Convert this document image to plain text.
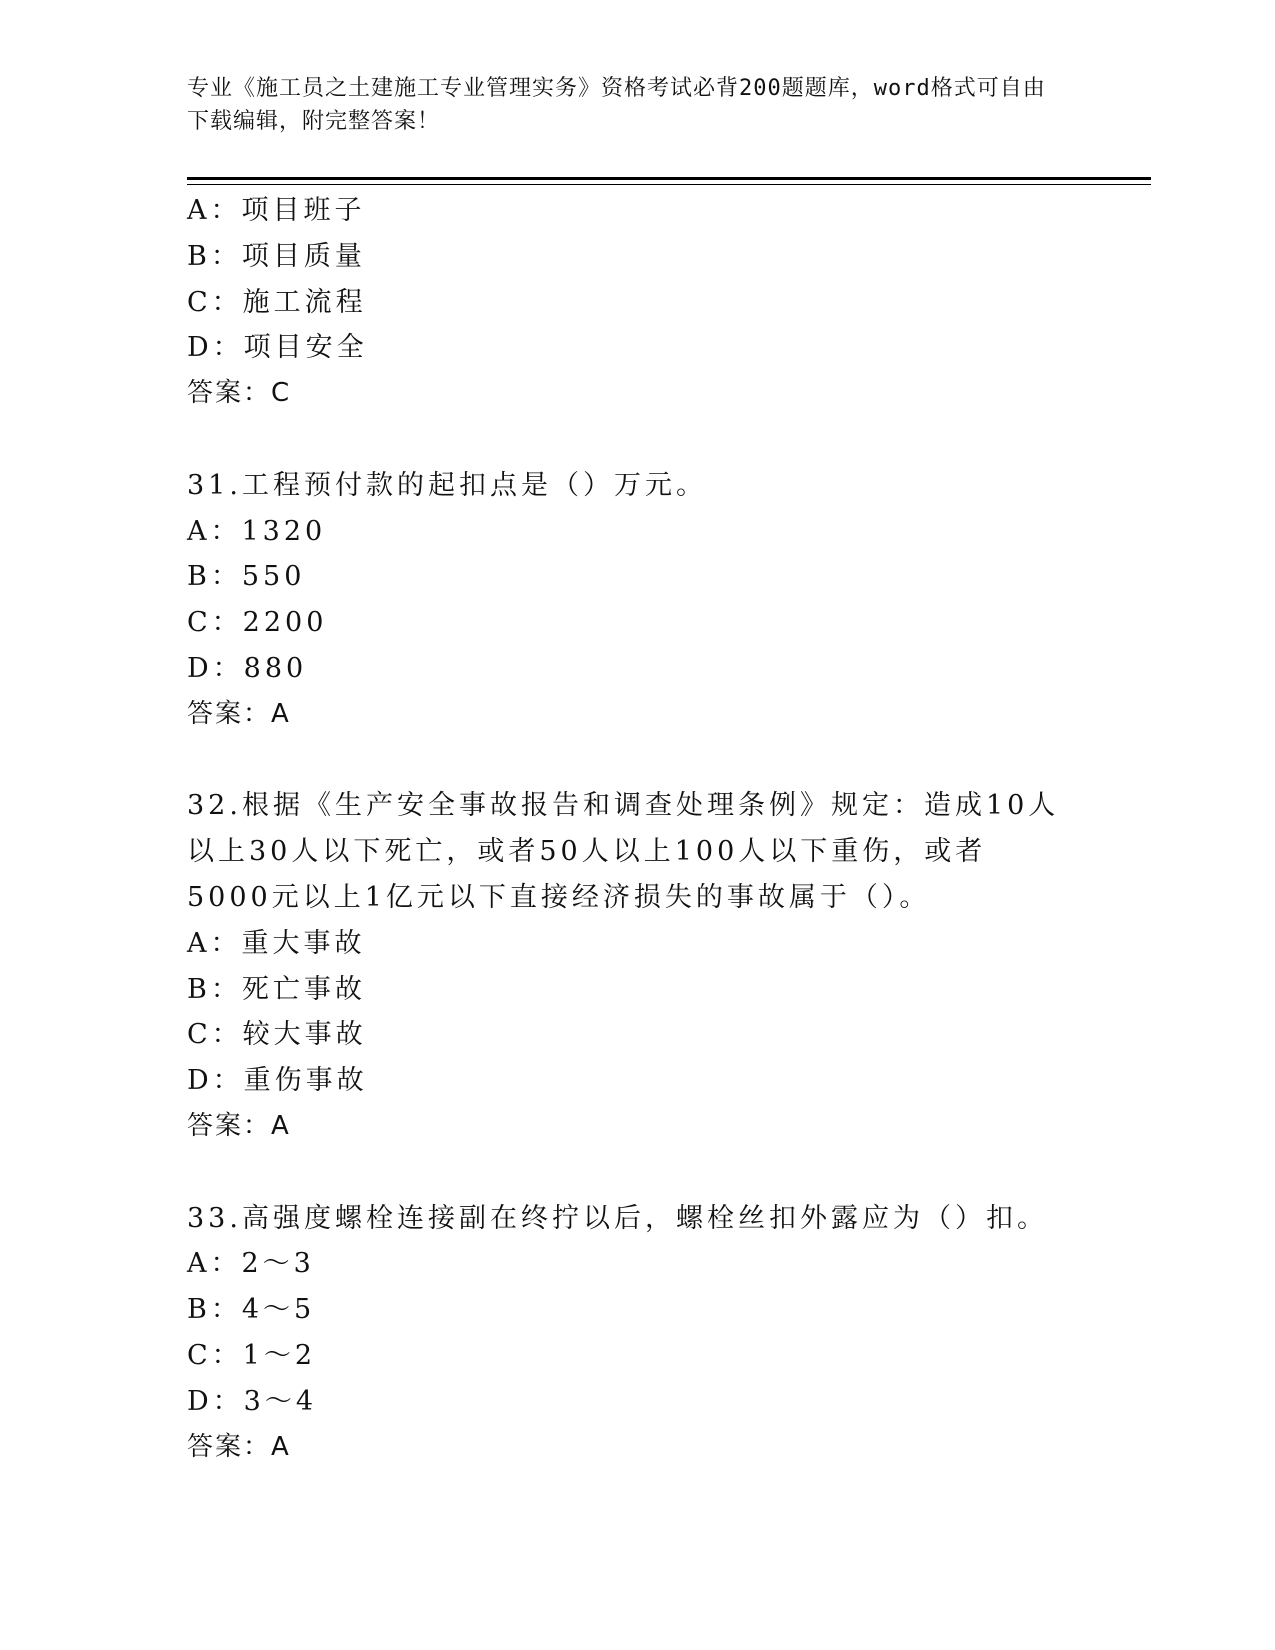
专业《施工员之土建施工专业管理实务》资格考试必背200题题库，word格式可自由下载编辑，附完整答案！
A：项目班子
B：项目质量
C：施工流程
D：项目安全
答案：C
31.工程预付款的起扣点是（）万元。
A：1320
B：550
C：2200
D：880
答案：A
32.根据《生产安全事故报告和调查处理条例》规定：造成10人以上30人以下死亡，或者50人以上100人以下重伤，或者5000元以上1亿元以下直接经济损失的事故属于（）。
A：重大事故
B：死亡事故
C：较大事故
D：重伤事故
答案：A
33.高强度螺栓连接副在终拧以后，螺栓丝扣外露应为（）扣。
A：2～3
B：4～5
C：1～2
D：3～4
答案：A
